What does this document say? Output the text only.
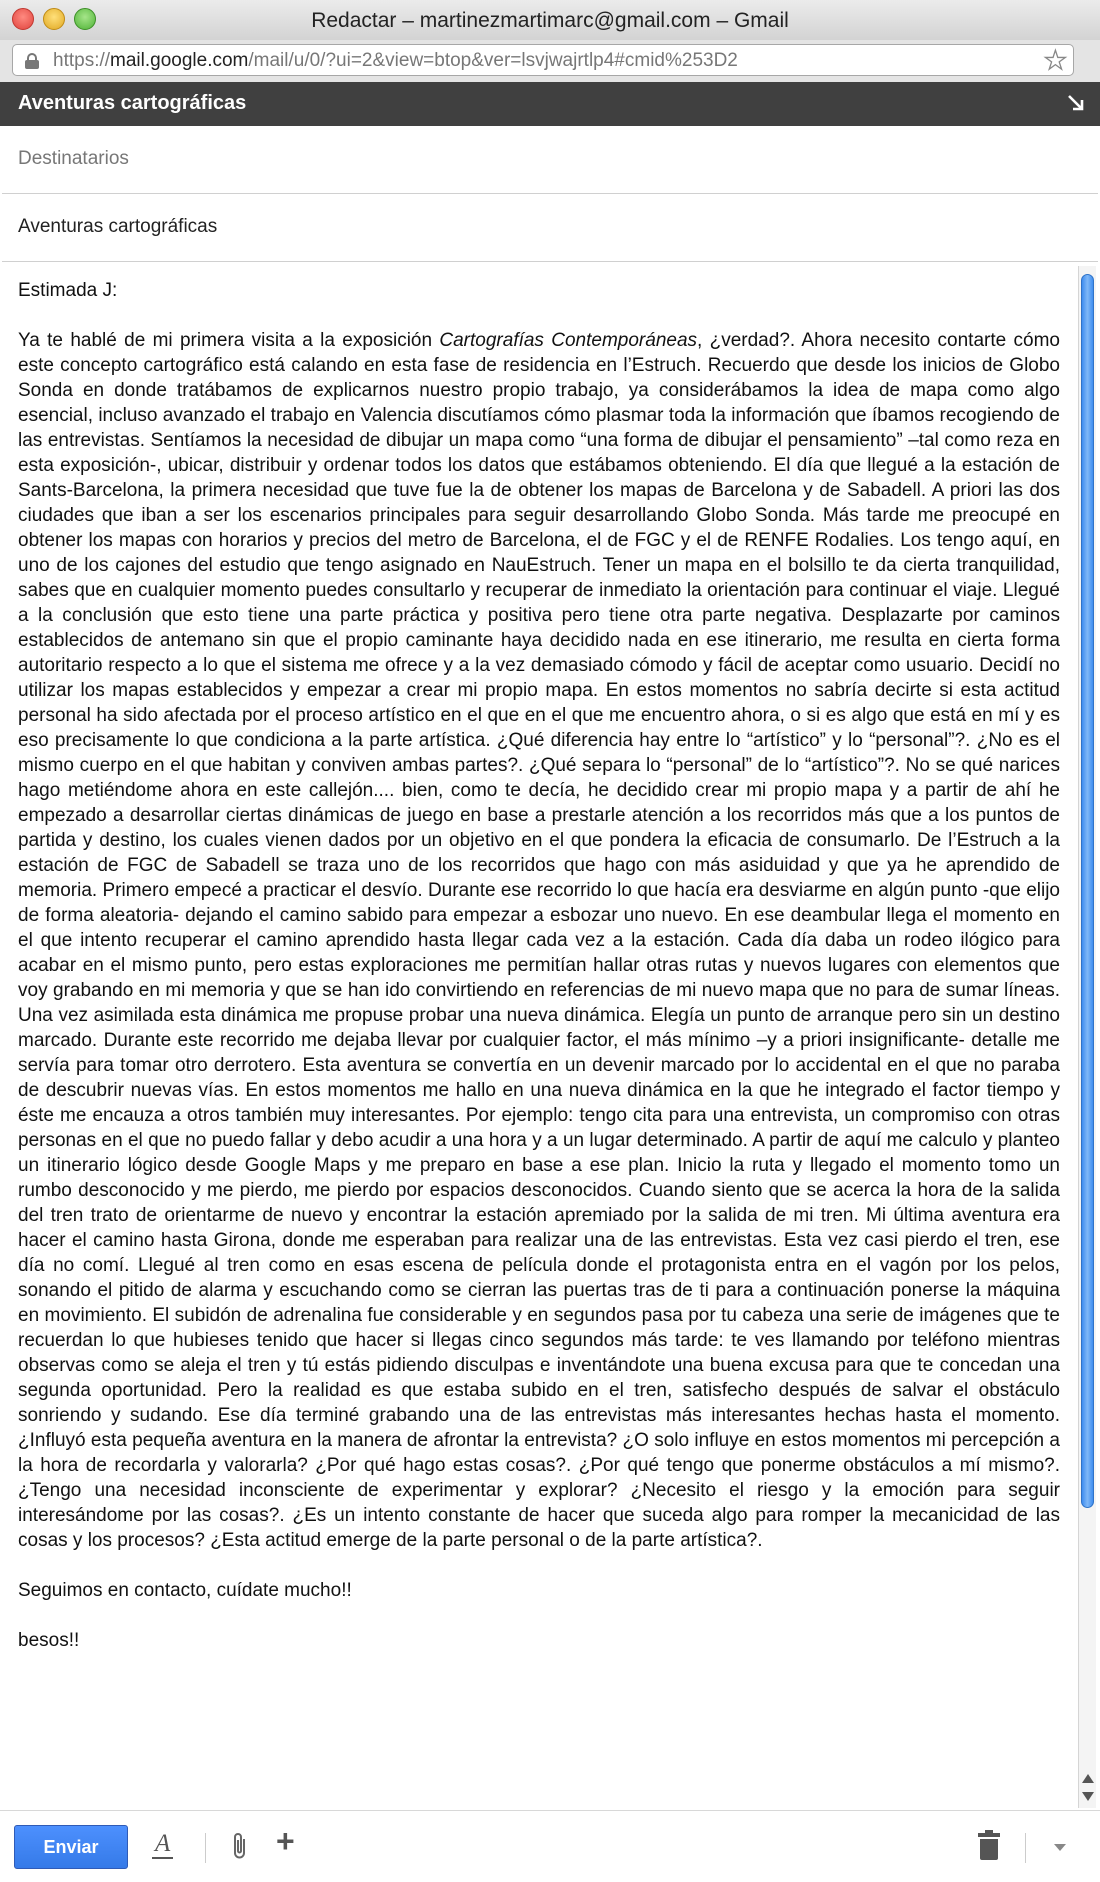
Redactar – martinezmartimarc@gmail.com – Gmail
https://mail.google.com/mail/u/0/?ui=2&view=btop&ver=lsvjwajrtlp4#cmid%253D2	★
Aventuras cartográficas
Destinatarios
Aventuras cartográficas

Estimada J:

Ya te hablé de mi primera visita a la exposición Cartografías Contemporáneas, ¿verdad?. Ahora necesito contarte cómo este concepto cartográfico está calando en esta fase de residencia en l’Estruch. Recuerdo que desde los inicios de Globo Sonda en donde tratábamos de explicarnos nuestro propio trabajo, ya considerábamos la idea de mapa como algo esencial, incluso avanzado el trabajo en Valencia discutíamos cómo plasmar toda la información que íbamos recogiendo de las entrevistas. Sentíamos la necesidad de dibujar un mapa como “una forma de dibujar el pensamiento” –tal como reza en esta exposición-, ubicar, distribuir y ordenar todos los datos que estábamos obteniendo. El día que llegué a la estación de Sants-Barcelona, la primera necesidad que tuve fue la de obtener los mapas de Barcelona y de Sabadell. A priori las dos ciudades que iban a ser los escenarios principales para seguir desarrollando Globo Sonda. Más tarde me preocupé en obtener los mapas con horarios y precios del metro de Barcelona, el de FGC y el de RENFE Rodalies. Los tengo aquí, en uno de los cajones del estudio que tengo asignado en NauEstruch. Tener un mapa en el bolsillo te da cierta tranquilidad, sabes que en cualquier momento puedes consultarlo y recuperar de inmediato la orientación para continuar el viaje. Llegué a la conclusión que esto tiene una parte práctica y positiva pero tiene otra parte negativa. Desplazarte por caminos establecidos de antemano sin que el propio caminante haya decidido nada en ese itinerario, me resulta en cierta forma autoritario respecto a lo que el sistema me ofrece y a la vez demasiado cómodo y fácil de aceptar como usuario. Decidí no utilizar los mapas establecidos y empezar a crear mi propio mapa. En estos momentos no sabría decirte si esta actitud personal ha sido afectada por el proceso artístico en el que en el que me encuentro ahora, o si es algo que está en mí y es eso precisamente lo que condiciona a la parte artística. ¿Qué diferencia hay entre lo “artístico” y lo “personal”?. ¿No es el mismo cuerpo en el que habitan y conviven ambas partes?. ¿Qué separa lo “personal” de lo “artístico”?. No se qué narices hago metiéndome ahora en este callejón.... bien, como te decía, he decidido crear mi propio mapa y a partir de ahí he empezado a desarrollar ciertas dinámicas de juego en base a prestarle atención a los recorridos más que a los puntos de partida y destino, los cuales vienen dados por un objetivo en el que pondera la eficacia de consumarlo. De l’Estruch a la estación de FGC de Sabadell se traza uno de los recorridos que hago con más asiduidad y que ya he aprendido de memoria. Primero empecé a practicar el desvío. Durante ese recorrido lo que hacía era desviarme en algún punto -que elijo de forma aleatoria- dejando el camino sabido para empezar a esbozar uno nuevo. En ese deambular llega el momento en el que intento recuperar el camino aprendido hasta llegar cada vez a la estación. Cada día daba un rodeo ilógico para acabar en el mismo punto, pero estas exploraciones me permitían hallar otras rutas y nuevos lugares con elementos que voy grabando en mi memoria y que se han ido convirtiendo en referencias de mi nuevo mapa que no para de sumar líneas. Una vez asimilada esta dinámica me propuse probar una nueva dinámica. Elegía un punto de arranque pero sin un destino marcado. Durante este recorrido me dejaba llevar por cualquier factor, el más mínimo –y a priori insignificante- detalle me servía para tomar otro derrotero. Esta aventura se convertía en un devenir marcado por lo accidental en el que no paraba de descubrir nuevas vías. En estos momentos me hallo en una nueva dinámica en la que he integrado el factor tiempo y éste me encauza a otros también muy interesantes. Por ejemplo: tengo cita para una entrevista, un compromiso con otras personas en el que no puedo fallar y debo acudir a una hora y a un lugar determinado. A partir de aquí me calculo y planteo un itinerario lógico desde Google Maps y me preparo en base a ese plan. Inicio la ruta y llegado el momento tomo un rumbo desconocido y me pierdo, me pierdo por espacios desconocidos. Cuando siento que se acerca la hora de la salida del tren trato de orientarme de nuevo y encontrar la estación apremiado por la salida de mi tren. Mi última aventura era hacer el camino hasta Girona, donde me esperaban para realizar una de las entrevistas. Esta vez casi pierdo el tren, ese día no comí. Llegué al tren como en esas escena de película donde el protagonista entra en el vagón por los pelos, sonando el pitido de alarma y escuchando como se cierran las puertas tras de ti para a continuación ponerse la máquina en movimiento. El subidón de adrenalina fue considerable y en segundos pasa por tu cabeza una serie de imágenes que te recuerdan lo que hubieses tenido que hacer si llegas cinco segundos más tarde: te ves llamando por teléfono mientras observas como se aleja el tren y tú estás pidiendo disculpas e inventándote una buena excusa para que te concedan una segunda oportunidad. Pero la realidad es que estaba subido en el tren, satisfecho después de salvar el obstáculo sonriendo y sudando. Ese día terminé grabando una de las entrevistas más interesantes hechas hasta el momento. ¿Influyó esta pequeña aventura en la manera de afrontar la entrevista? ¿O solo influye en estos momentos mi percepción a la hora de recordarla y valorarla? ¿Por qué hago estas cosas?. ¿Por qué tengo que ponerme obstáculos a mí mismo?. ¿Tengo una necesidad inconsciente de experimentar y explorar? ¿Necesito el riesgo y la emoción para seguir interesándome por las cosas?. ¿Es un intento constante de hacer que suceda algo para romper la mecanicidad de las cosas y los procesos? ¿Esta actitud emerge de la parte personal o de la parte artística?.

Seguimos en contacto, cuídate mucho!!

besos!!

Enviar	A	+
